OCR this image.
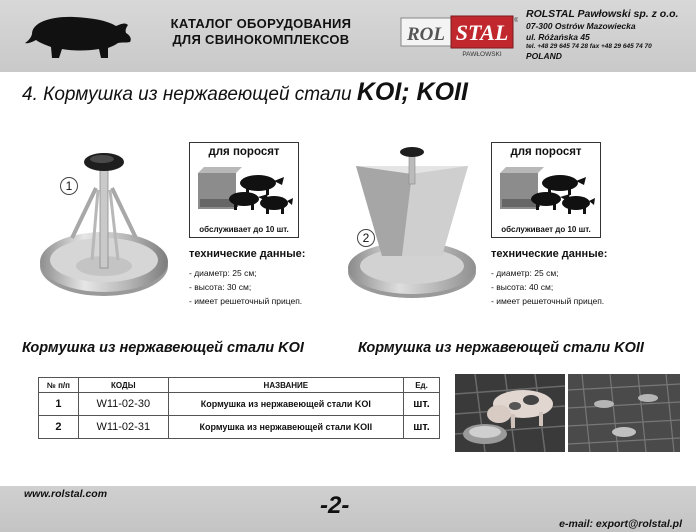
КАТАЛОГ ОБОРУДОВАНИЯ
ДЛЯ СВИНОКОМПЛЕКСОВ	ROL STAL
PAWŁOWSKI
®
ROLSTAL Pawłowski sp. z o.o.
07-300 Ostrów Mazowiecka
ul. Różańska 45
tel. +48 29 645 74 28 fax +48 29 645 74 70
POLAND
4. Кормушка из нержавеющей стали KOI; KOII
1
для поросят
обслуживает до 10 шт.
технические данные:
- диаметр: 25 см;
- высота: 30 см;
- имеет решеточный прицеп.
2
для поросят
обслуживает до 10 шт.
технические данные:
- диаметр: 25 см;
- высота: 40 см;
- имеет решеточный прицеп.
Кормушка из нержавеющей стали KOI	Кормушка из нержавеющей стали KOII
№ п/п	КОДЫ	НАЗВАНИЕ	Ед.
1	W11-02-30	Кормушка из нержавеющей стали KOI	шт.
2	W11-02-31	Кормушка из нержавеющей стали KOII	шт.
www.rolstal.com	-2-
e-mail: export@rolstal.pl
